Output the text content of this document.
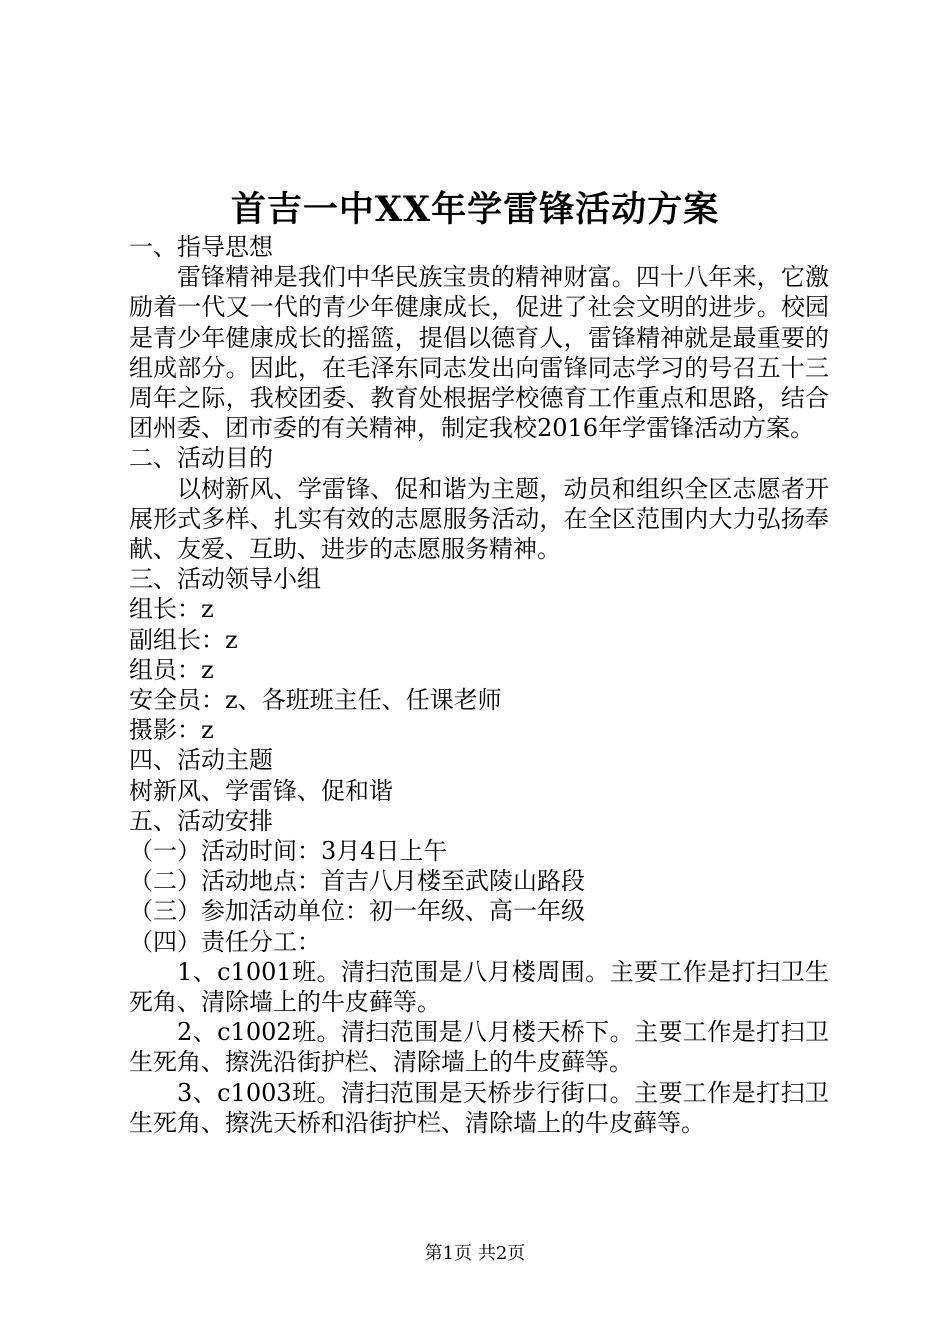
首吉一中XX年学雷锋活动方案

一、指导思想

雷锋精神是我们中华民族宝贵的精神财富。四十八年来，它激励着一代又一代的青少年健康成长，促进了社会文明的进步。校园是青少年健康成长的摇篮，提倡以德育人，雷锋精神就是最重要的组成部分。因此，在毛泽东同志发出向雷锋同志学习的号召五十三周年之际，我校团委、教育处根据学校德育工作重点和思路，结合团州委、团市委的有关精神，制定我校2016年学雷锋活动方案。

二、活动目的

以树新风、学雷锋、促和谐为主题，动员和组织全区志愿者开展形式多样、扎实有效的志愿服务活动，在全区范围内大力弘扬奉献、友爱、互助、进步的志愿服务精神。

三、活动领导小组

组长：z

副组长：z

组员：z

安全员：z、各班班主任、任课老师

摄影：z

四、活动主题

树新风、学雷锋、促和谐

五、活动安排

（一）活动时间：3月4日上午

（二）活动地点：首吉八月楼至武陵山路段

（三）参加活动单位：初一年级、高一年级

（四）责任分工：

1、c1001班。清扫范围是八月楼周围。主要工作是打扫卫生死角、清除墙上的牛皮藓等。

2、c1002班。清扫范围是八月楼天桥下。主要工作是打扫卫生死角、擦洗沿街护栏、清除墙上的牛皮藓等。

3、c1003班。清扫范围是天桥步行街口。主要工作是打扫卫生死角、擦洗天桥和沿街护栏、清除墙上的牛皮藓等。

第1页 共2页
